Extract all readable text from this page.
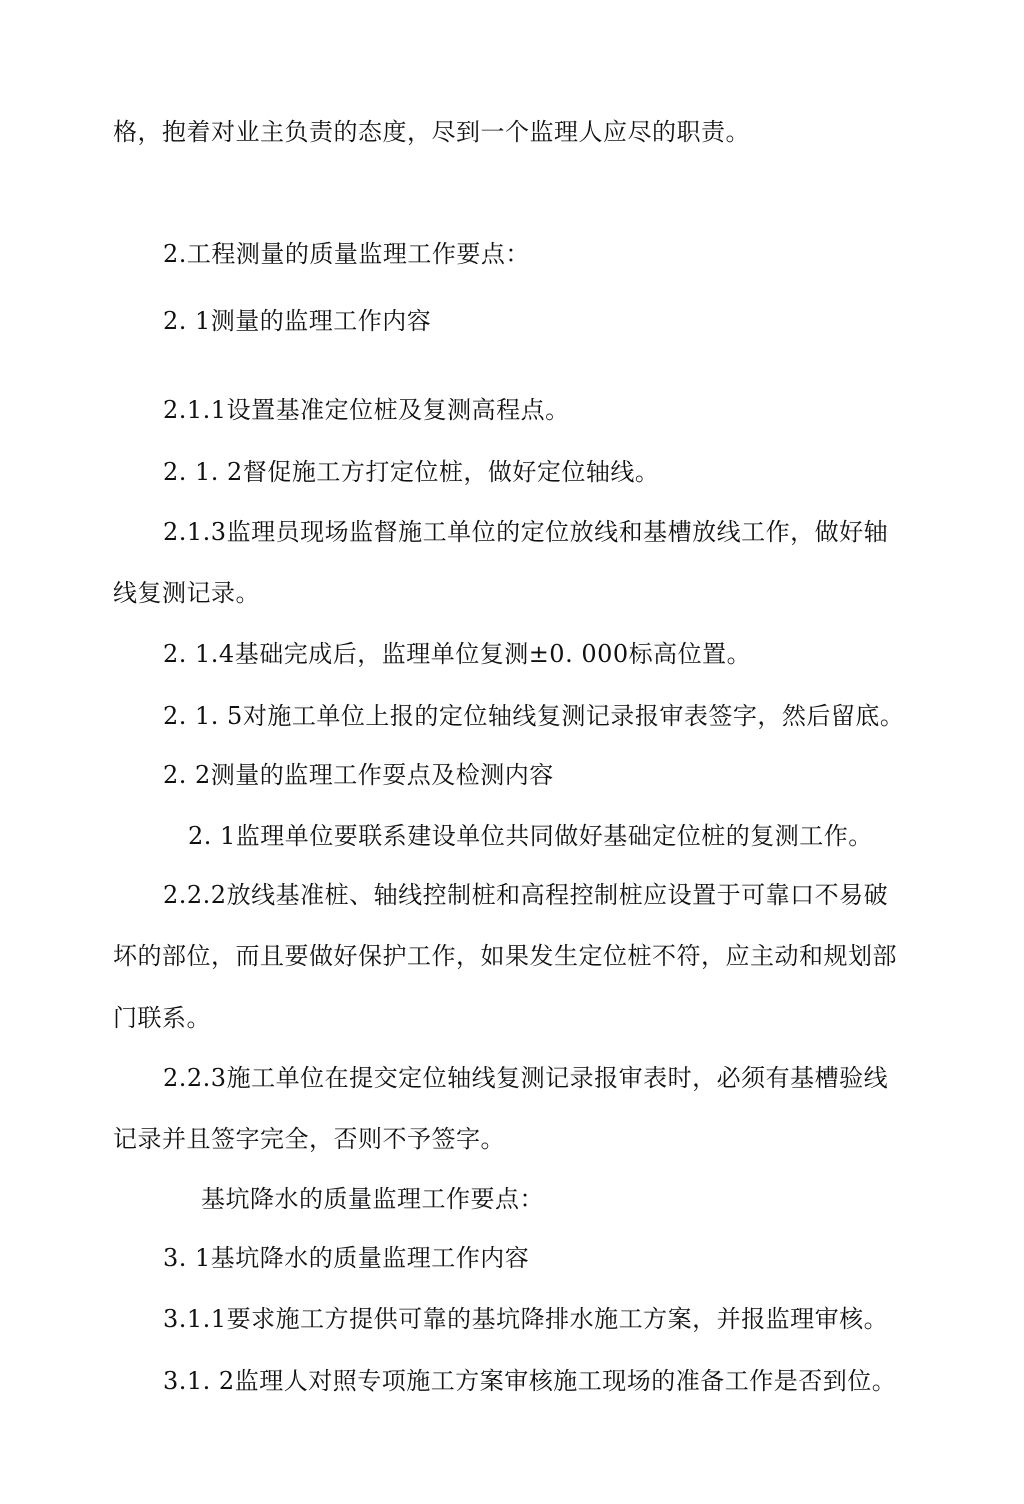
格，抱着对业主负责的态度，尽到一个监理人应尽的职责。
2.工程测量的质量监理工作要点：
2. 1测量的监理工作内容
2.1.1设置基准定位桩及复测高程点。
2. 1. 2督促施工方打定位桩，做好定位轴线。
2.1.3监理员现场监督施工单位的定位放线和基槽放线工作，做好轴
线复测记录。
2. 1.4基础完成后，监理单位复测±0. 000标高位置。
2. 1. 5对施工单位上报的定位轴线复测记录报审表签字，然后留底。
2. 2测量的监理工作耍点及检测内容
2. 1监理单位要联系建设单位共同做好基础定位桩的复测工作。
2.2.2放线基准桩、轴线控制桩和高程控制桩应设置于可靠口不易破
坏的部位，而且要做好保护工作，如果发生定位桩不符，应主动和规划部
门联系。
2.2.3施工单位在提交定位轴线复测记录报审表时，必须有基槽验线
记录并且签字完全，否则不予签字。
基坑降水的质量监理工作要点：
3. 1基坑降水的质量监理工作内容
3.1.1要求施工方提供可靠的基坑降排水施工方案，并报监理审核。
3.1. 2监理人对照专项施工方案审核施工现场的准备工作是否到位。
